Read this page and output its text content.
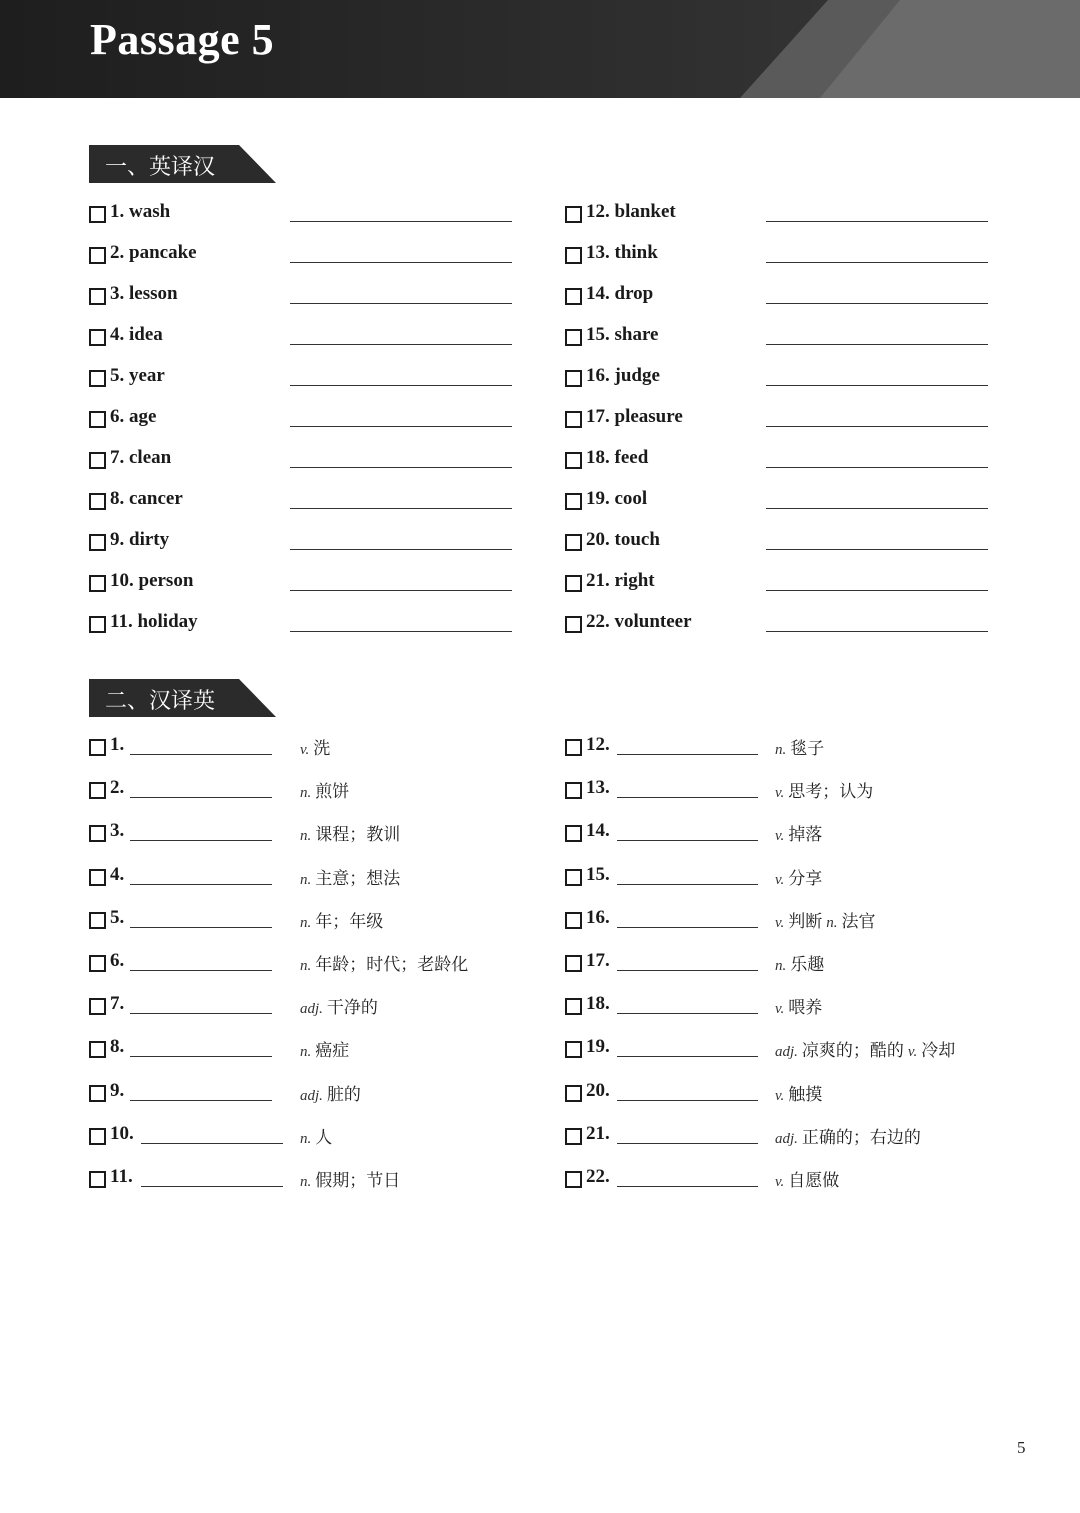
Passage 5
一、英译汉
1. wash
2. pancake
3. lesson
4. idea
5. year
6. age
7. clean
8. cancer
9. dirty
10. person
11. holiday
12. blanket
13. think
14. drop
15. share
16. judge
17. pleasure
18. feed
19. cool
20. touch
21. right
22. volunteer
二、汉译英
1.	v. 洗
2.	n. 煎饼
3.	n. 课程；教训
4.	n. 主意；想法
5.	n. 年；年级
6.	n. 年龄；时代；老龄化
7.	adj. 干净的
8.	n. 癌症
9.	adj. 脏的
10.	n. 人
11.	n. 假期；节日
12.	n. 毯子
13.	v. 思考；认为
14.	v. 掉落
15.	v. 分享
16.	v. 判断 n. 法官
17.	n. 乐趣
18.	v. 喂养
19.	adj. 凉爽的；酷的 v. 冷却
20.	v. 触摸
21.	adj. 正确的；右边的
22.	v. 自愿做
5
